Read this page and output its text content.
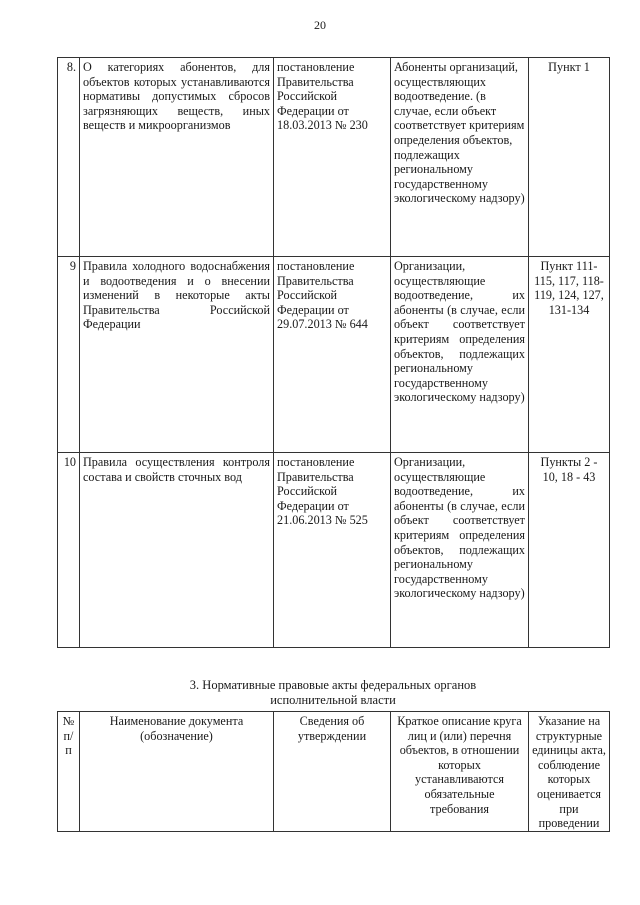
20
8.	О категориях абонентов, для объектов которых устанавливаются нормативы допустимых сбросов загрязняющих веществ, иных веществ и микроорганизмов	постановление Правительства Российской Федерации от 18.03.2013 № 230	Абоненты организаций, осуществляющих водоотведение. (в случае, если объект соответствует критериям определения объектов, подлежащих региональному государственному экологическому надзору)	Пункт 1
9	Правила холодного водоснабжения и водоотведения и о внесении изменений в некоторые акты Правительства Российской Федерации	постановление Правительства Российской Федерации от 29.07.2013 № 644	Организации, осуществляющие водоотведение, их абоненты (в случае, если объект соответствует критериям определения объектов, подлежащих региональному государственному экологическому надзору)	Пункт 111-115, 117, 118-119, 124, 127, 131-134
10	Правила осуществления контроля состава и свойств сточных вод	постановление Правительства Российской Федерации от 21.06.2013 № 525	Организации, осуществляющие водоотведение, их абоненты (в случае, если объект соответствует критериям определения объектов, подлежащих региональному государственному экологическому надзору)	Пункты 2 - 10, 18 - 43
3. Нормативные правовые акты федеральных органов
исполнительной власти
№ п/п	Наименование документа (обозначение)	Сведения об утверждении	Краткое описание круга лиц и (или) перечня объектов, в отношении которых устанавливаются обязательные требования	Указание на структурные единицы акта, соблюдение которых оценивается при проведении
